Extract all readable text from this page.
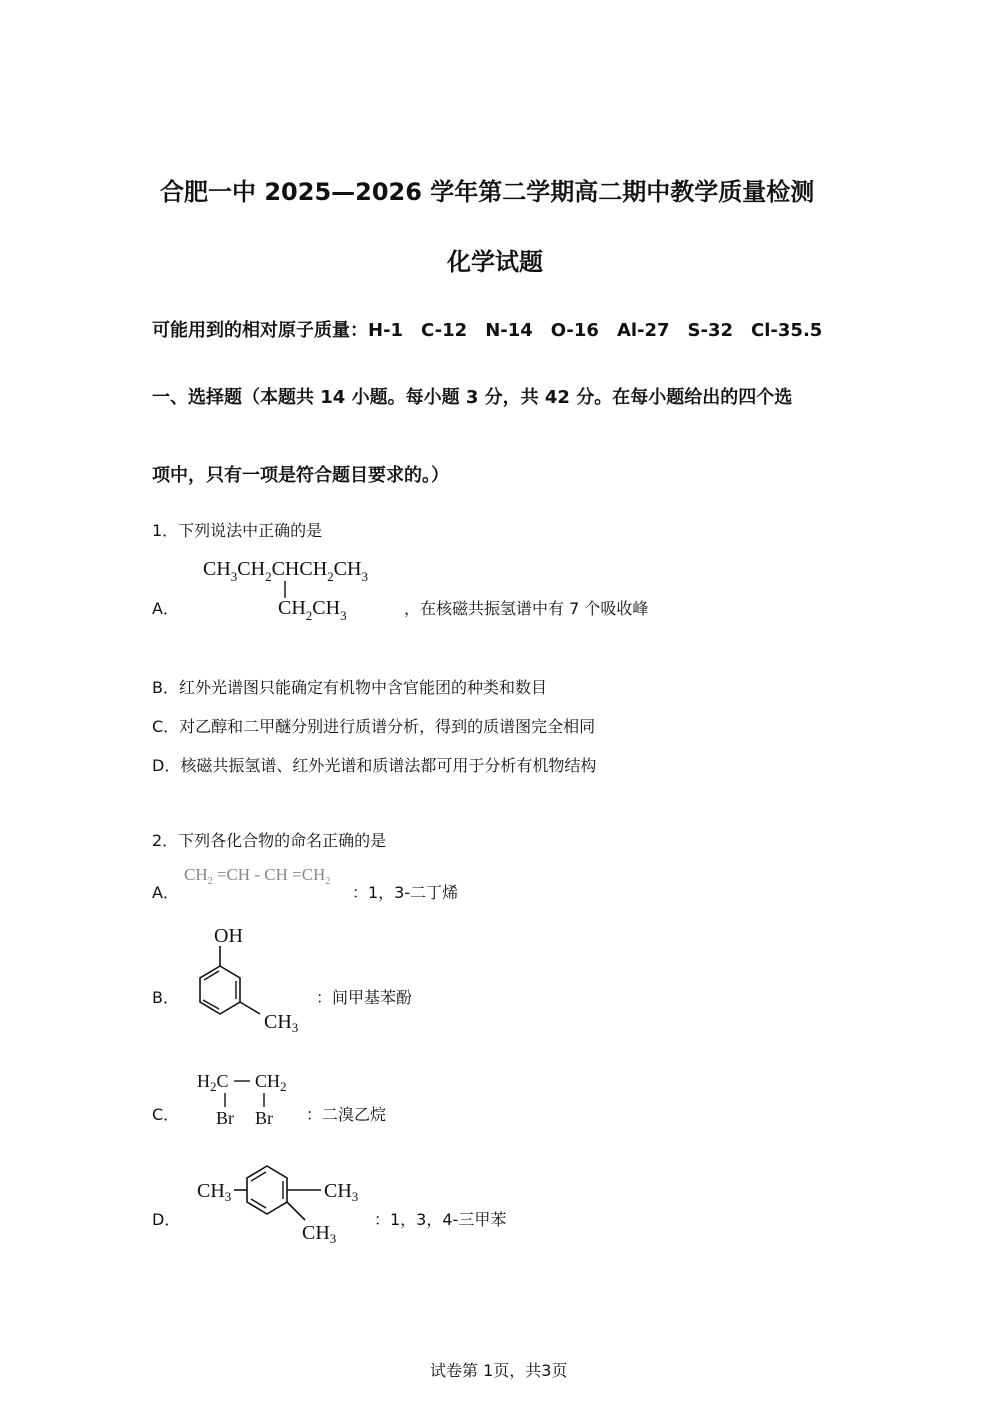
合肥一中 2025—2026 学年第二学期高二期中教学质量检测
化学试题
可能用到的相对原子质量：H-1　C-12　N-14　O-16　Al-27　S-32　Cl-35.5
一、选择题（本题共 14 小题。每小题 3 分，共 42 分。在每小题给出的四个选
项中，只有一项是符合题目要求的。）
1．下列说法中正确的是
A．
$CH_3CH_2CHCH_2CH_3$
$CH_2CH_3$	，在核磁共振氢谱中有 7 个吸收峰
B．红外光谱图只能确定有机物中含官能团的种类和数目
C．对乙醇和二甲醚分别进行质谱分析，得到的质谱图完全相同
D．核磁共振氢谱、红外光谱和质谱法都可用于分析有机物结构
2．下列各化合物的命名正确的是
A．
$CH_2 =CH$ - CH $=CH_2$
：1，3-二丁烯
B．
OH
$CH_3$
：间甲基苯酚
C．
$H_2C$ $CH_2$
Br Br ：二溴乙烷
D．
$CH_3$	$CH_3$
$CH_3$
：1，3，4-三甲苯
试卷第 1页，共3页
